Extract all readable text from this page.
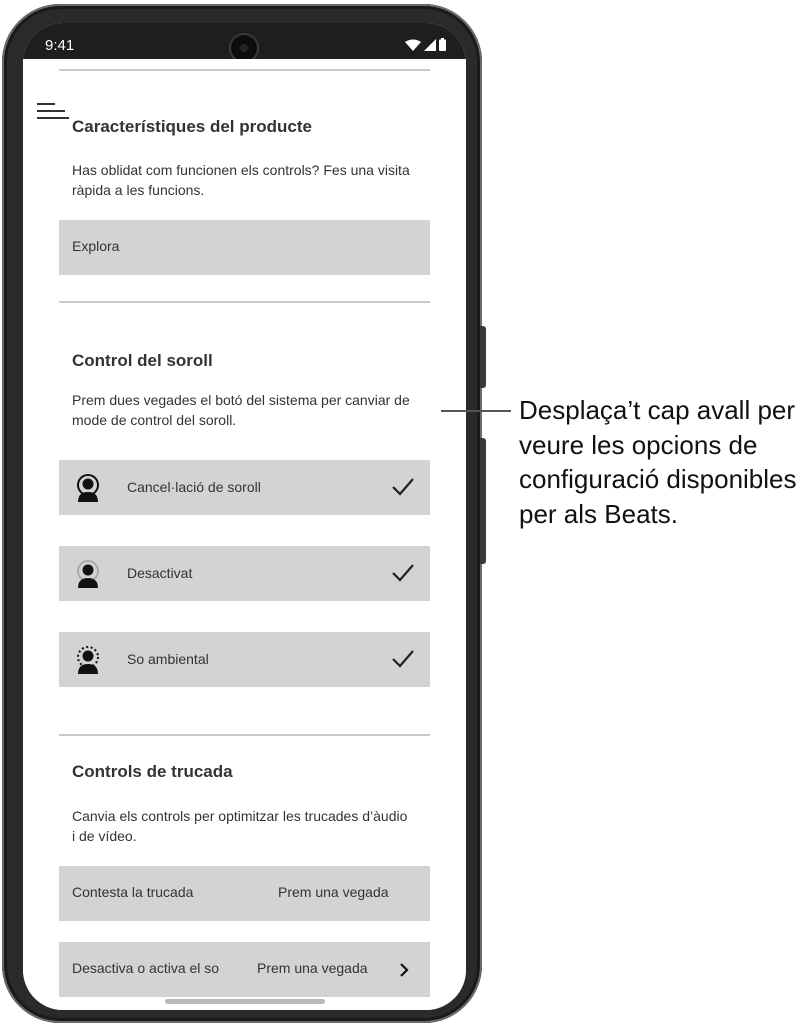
9:41
Característiques del producte
Has oblidat com funcionen els controls? Fes una visita ràpida a les funcions.
Explora
Control del soroll
Prem dues vegades el botó del sistema per canviar de mode de control del soroll.
Cancel·lació de soroll
Desactivat
So ambiental
Controls de trucada
Canvia els controls per optimitzar les trucades d’àudio i de vídeo.
Contesta la trucada	Prem una vegada
Desactiva o activa el so	Prem una vegada
Desplaça’t cap avall per veure les opcions de configuració disponibles per als Beats.
